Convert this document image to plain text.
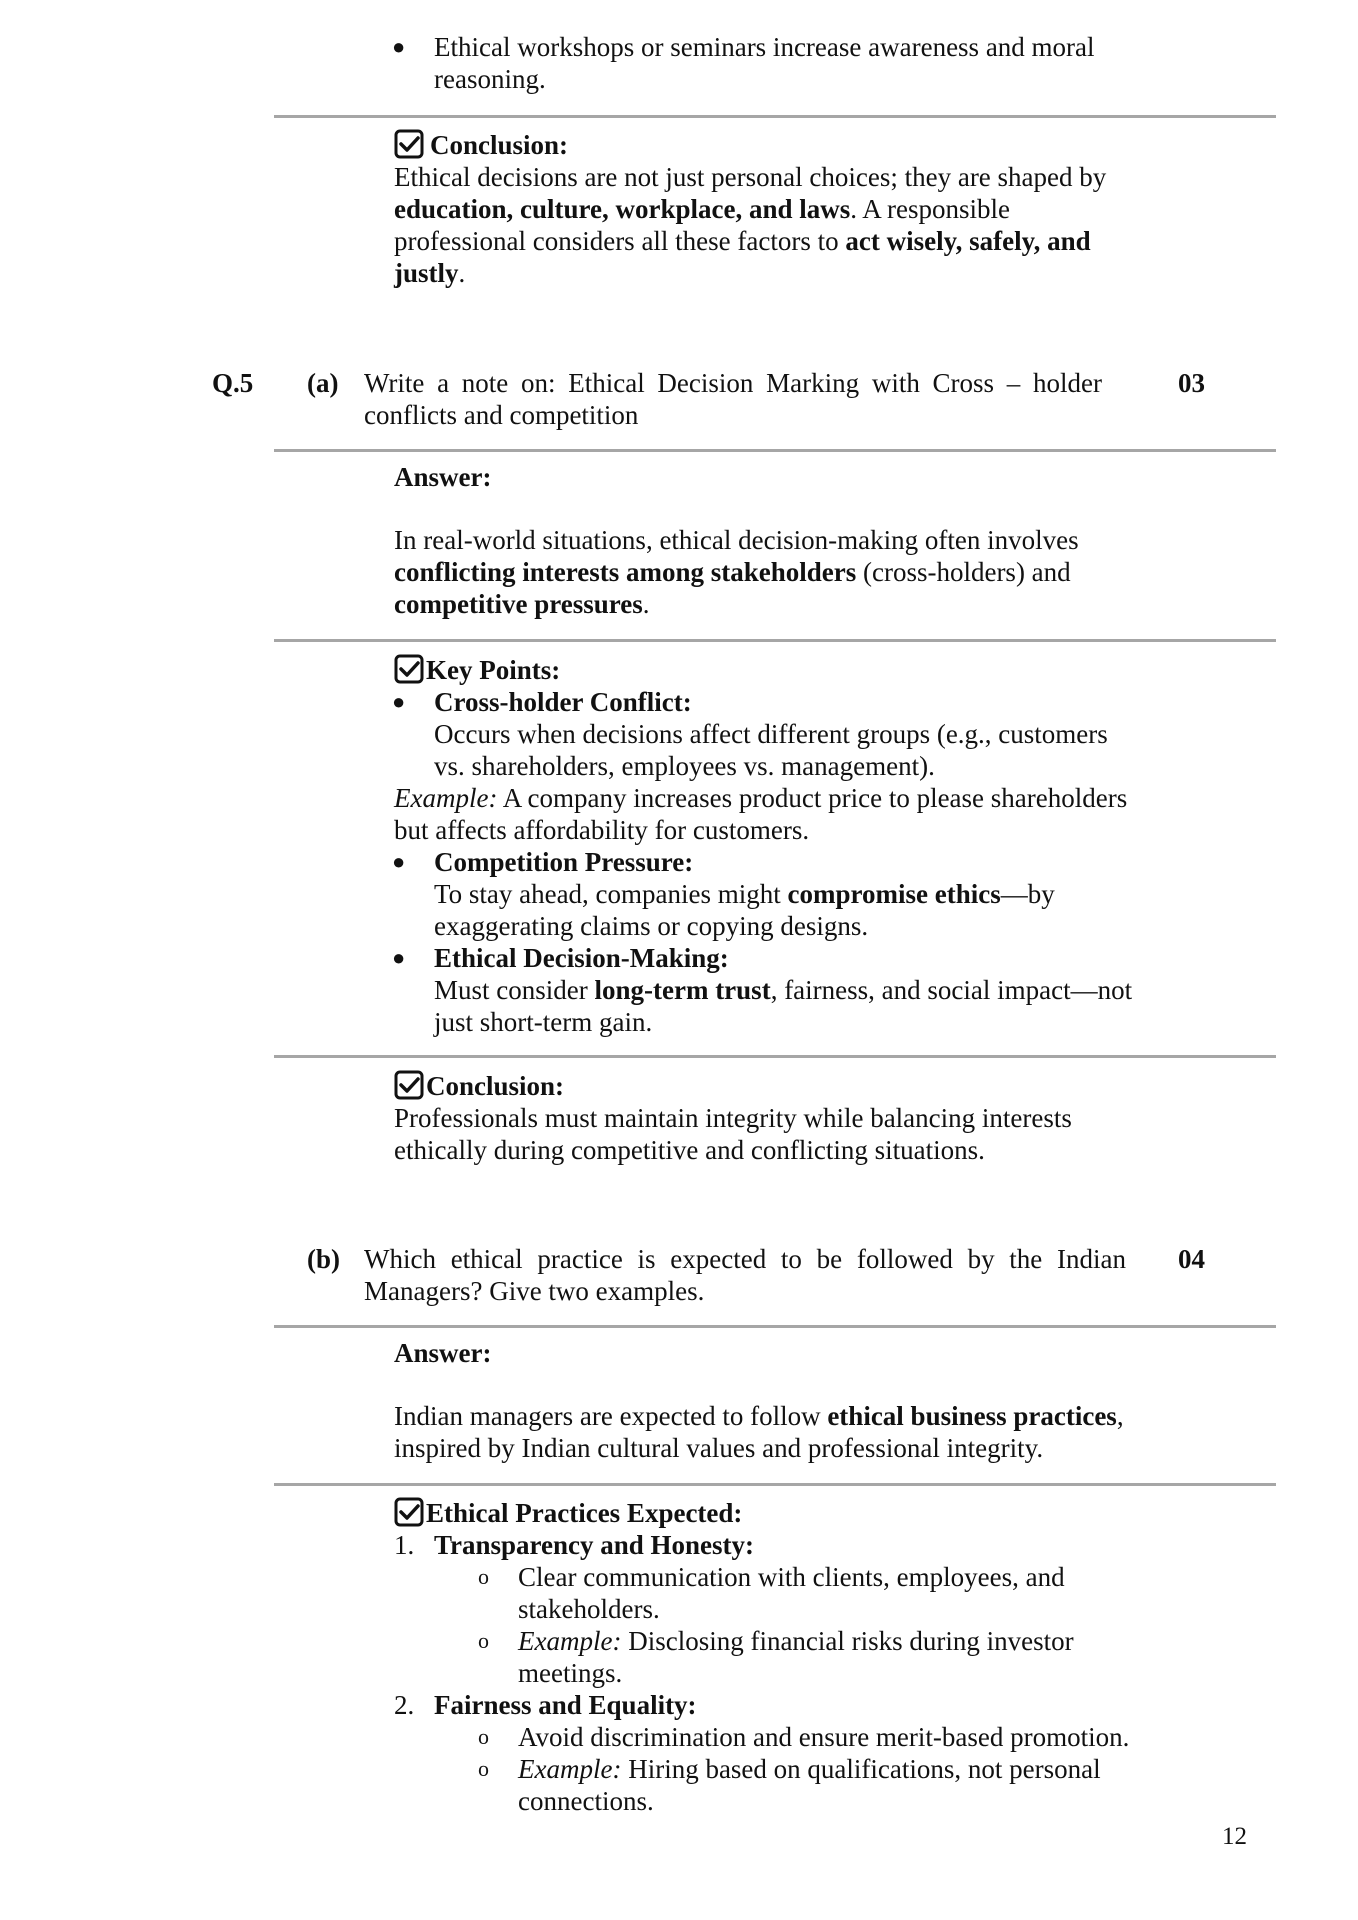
● Ethical workshops or seminars increase awareness and moral
reasoning.
Conclusion:
Ethical decisions are not just personal choices; they are shaped by
education, culture, workplace, and laws. A responsible
professional considers all these factors to act wisely, safely, and
justly.
Q.5 (a) Write a note on: Ethical Decision Marking with Cross – holder
conflicts and competition
03
Answer:
In real-world situations, ethical decision-making often involves
conflicting interests among stakeholders (cross-holders) and
competitive pressures.
Key Points:
● Cross-holder Conflict:
Occurs when decisions affect different groups (e.g., customers
vs. shareholders, employees vs. management).
Example: A company increases product price to please shareholders
but affects affordability for customers.
● Competition Pressure:
To stay ahead, companies might compromise ethics—by
exaggerating claims or copying designs.
● Ethical Decision-Making:
Must consider long-term trust, fairness, and social impact—not
just short-term gain.
Conclusion:
Professionals must maintain integrity while balancing interests
ethically during competitive and conflicting situations.
(b) Which ethical practice is expected to be followed by the Indian
Managers? Give two examples.
04
Answer:
Indian managers are expected to follow ethical business practices,
inspired by Indian cultural values and professional integrity.
Ethical Practices Expected:
1. Transparency and Honesty:
o Clear communication with clients, employees, and
stakeholders.
o Example: Disclosing financial risks during investor
meetings.
2. Fairness and Equality:
o Avoid discrimination and ensure merit-based promotion.
o Example: Hiring based on qualifications, not personal
connections.
12
